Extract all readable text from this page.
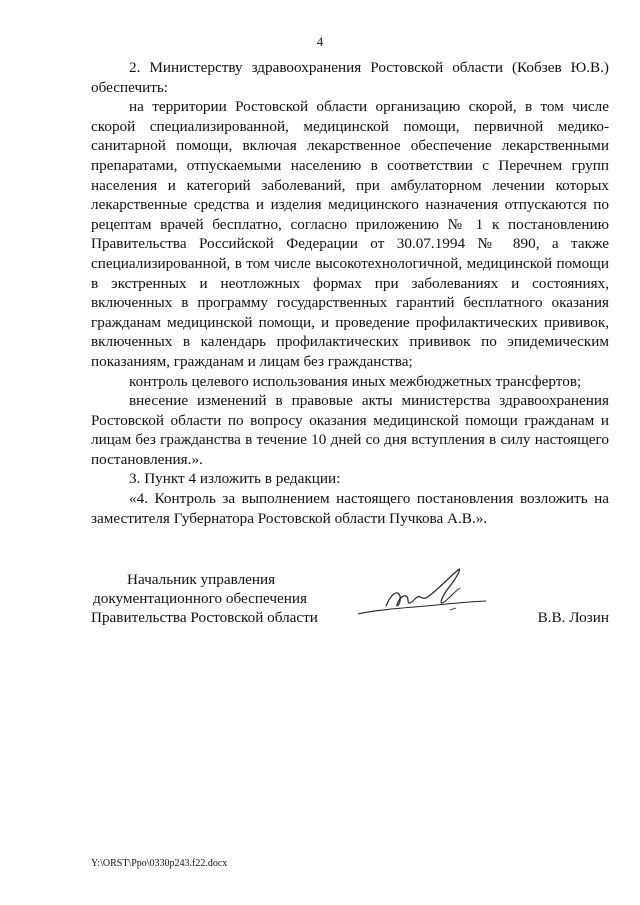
4

2. Министерству здравоохранения Ростовской области (Кобзев Ю.В.) обеспечить:

на территории Ростовской области организацию скорой, в том числе скорой специализированной, медицинской помощи, первичной медико-санитарной помощи, включая лекарственное обеспечение лекарственными препаратами, отпускаемыми населению в соответствии с Перечнем групп населения и категорий заболеваний, при амбулаторном лечении которых лекарственные средства и изделия медицинского назначения отпускаются по рецептам врачей бесплатно, согласно приложению № 1 к постановлению Правительства Российской Федерации от 30.07.1994 № 890, а также специализированной, в том числе высокотехнологичной, медицинской помощи в экстренных и неотложных формах при заболеваниях и состояниях, включенных в программу государственных гарантий бесплатного оказания гражданам медицинской помощи, и проведение профилактических прививок, включенных в календарь профилактических прививок по эпидемическим показаниям, гражданам и лицам без гражданства;

контроль целевого использования иных межбюджетных трансфертов;

внесение изменений в правовые акты министерства здравоохранения Ростовской области по вопросу оказания медицинской помощи гражданам и лицам без гражданства в течение 10 дней со дня вступления в силу настоящего постановления.».

3. Пункт 4 изложить в редакции:

«4. Контроль за выполнением настоящего постановления возложить на заместителя Губернатора Ростовской области Пучкова А.В.».

Начальник управления
документационного обеспечения
Правительства Ростовской области	В.В. Лозин
Y:\ORST\Ppo\0330p243.f22.docx
